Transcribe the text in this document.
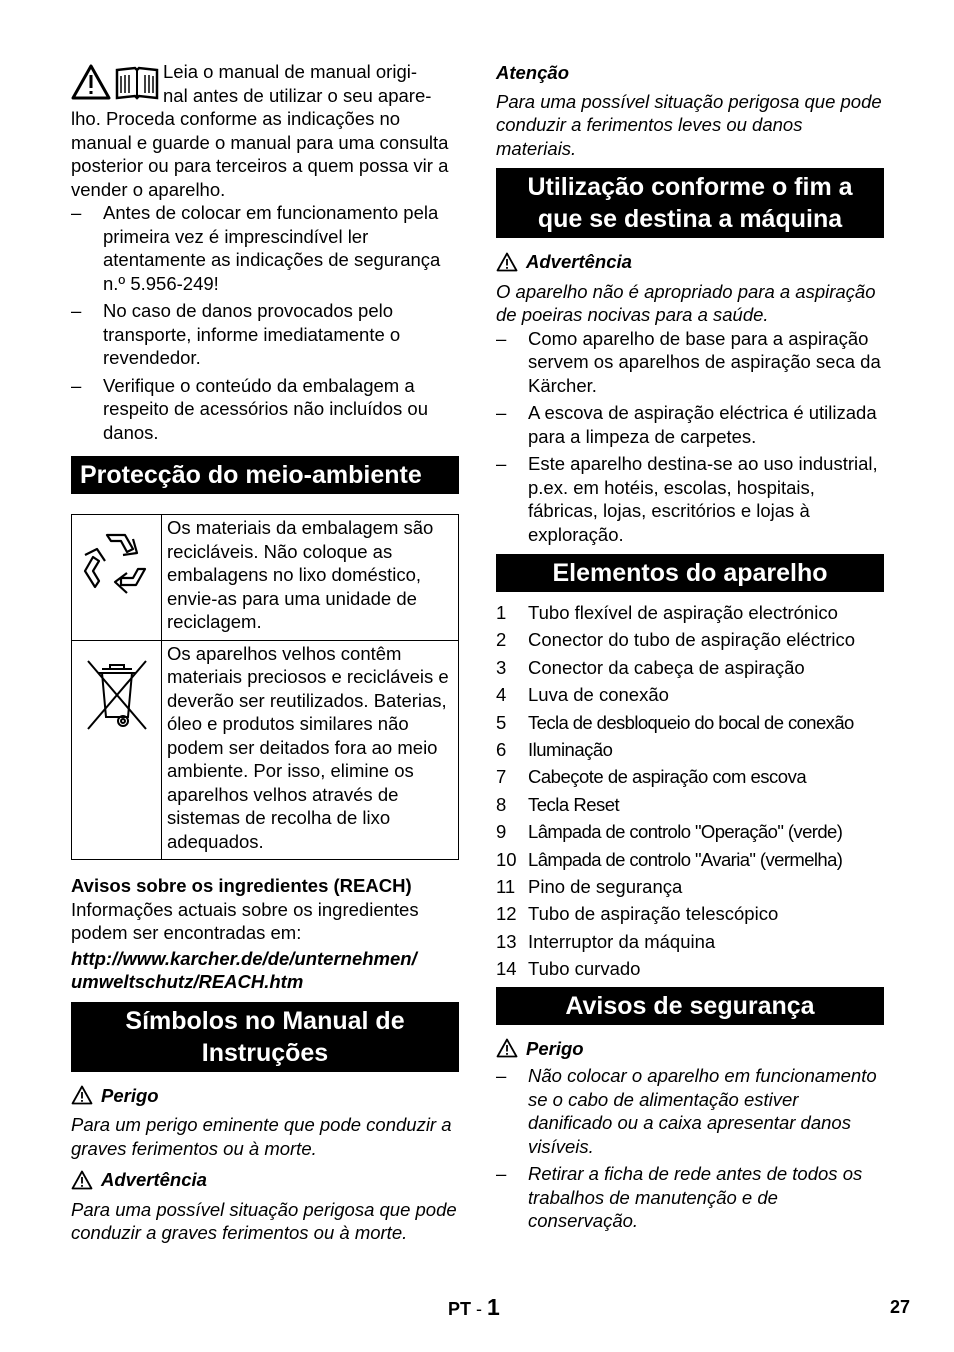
Leia o manual de manual origi-

nal antes de utilizar o seu apare-

lho. Proceda conforme as indicações no manual e guarde o manual para uma consulta posterior ou para terceiros a quem possa vir a vender o aparelho.

–	Antes de colocar em funcionamento pela primeira vez é imprescindível ler atentamente as indicações de segurança n.º 5.956-249!
–	No caso de danos provocados pelo transporte, informe imediatamente o revendedor.
–	Verifique o conteúdo da embalagem a respeito de acessórios não incluídos ou danos.
Protecção do meio-ambiente
	Os materiais da embalagem são recicláveis. Não coloque as embalagens no lixo doméstico, envie-as para uma unidade de reciclagem.
	Os aparelhos velhos contêm materiais preciosos e recicláveis e deverão ser reutilizados. Baterias, óleo e produtos similares não podem ser deitados fora ao meio ambiente. Por isso, elimine os aparelhos velhos através de sistemas de recolha de lixo adequados.

Avisos sobre os ingredientes (REACH)

Informações actuais sobre os ingredientes podem ser encontradas em:

http://www.karcher.de/de/unternehmen/

umweltschutz/REACH.htm

Símbolos no Manual de
Instruções
Perigo

Para um perigo eminente que pode conduzir a graves ferimentos ou à morte.

Advertência

Para uma possível situação perigosa que pode conduzir a graves ferimentos ou à morte.

Atenção

Para uma possível situação perigosa que pode conduzir a ferimentos leves ou danos materiais.

Utilização conforme o fim a
que se destina a máquina
Advertência

O aparelho não é apropriado para a aspiração de poeiras nocivas para a saúde.

–	Como aparelho de base para a aspiração servem os aparelhos de aspiração seca da Kärcher.
–	A escova de aspiração eléctrica é utilizada para a limpeza de carpetes.
–	Este aparelho destina-se ao uso industrial, p.ex. em hotéis, escolas, hospitais, fábricas, lojas, escritórios e lojas à exploração.
Elementos do aparelho
1	Tubo flexível de aspiração electrónico
2	Conector do tubo de aspiração eléctrico
3	Conector da cabeça de aspiração
4	Luva de conexão
5	Tecla de desbloqueio do bocal de conexão
6	Iluminação
7	Cabeçote de aspiração com escova
8	Tecla Reset
9	Lâmpada de controlo "Operação" (verde)
10 Lâmpada de controlo "Avaria" (vermelha)
11 Pino de segurança
12 Tubo de aspiração telescópico
13 Interruptor da máquina
14 Tubo curvado
Avisos de segurança
Perigo
–	Não colocar o aparelho em funcionamento se o cabo de alimentação estiver danificado ou a caixa apresentar danos visíveis.
–	Retirar a ficha de rede antes de todos os trabalhos de manutenção e de conservação.
PT - 1	27
